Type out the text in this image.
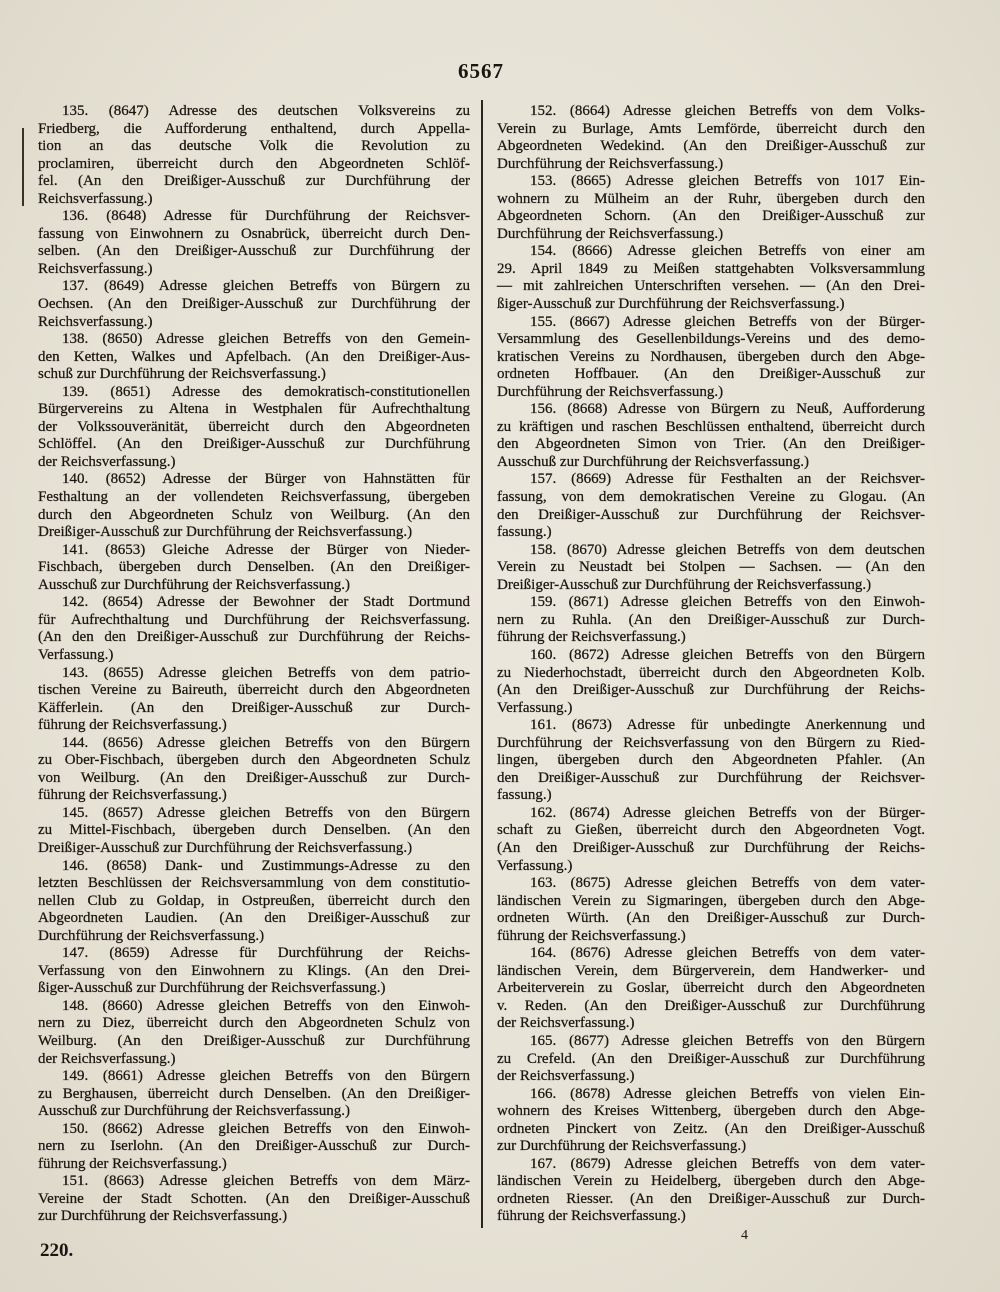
6567
135. (8647) Adresse des deutschen Volksvereins zu
Friedberg, die Aufforderung enthaltend, durch Appella-
tion an das deutsche Volk die Revolution zu
proclamiren, überreicht durch den Abgeordneten Schlöf-
fel. (An den Dreißiger-Ausschuß zur Durchführung der
Reichsverfassung.)
136. (8648) Adresse für Durchführung der Reichsver-
fassung von Einwohnern zu Osnabrück, überreicht durch Den-
selben. (An den Dreißiger-Ausschuß zur Durchführung der
Reichsverfassung.)
137. (8649) Adresse gleichen Betreffs von Bürgern zu
Oechsen. (An den Dreißiger-Ausschuß zur Durchführung der
Reichsverfassung.)
138. (8650) Adresse gleichen Betreffs von den Gemein-
den Ketten, Walkes und Apfelbach. (An den Dreißiger-Aus-
schuß zur Durchführung der Reichsverfassung.)
139. (8651) Adresse des demokratisch-constitutionellen
Bürgervereins zu Altena in Westphalen für Aufrechthaltung
der Volkssouveränität, überreicht durch den Abgeordneten
Schlöffel. (An den Dreißiger-Ausschuß zur Durchführung
der Reichsverfassung.)
140. (8652) Adresse der Bürger von Hahnstätten für
Festhaltung an der vollendeten Reichsverfassung, übergeben
durch den Abgeordneten Schulz von Weilburg. (An den
Dreißiger-Ausschuß zur Durchführung der Reichsverfassung.)
141. (8653) Gleiche Adresse der Bürger von Nieder-
Fischbach, übergeben durch Denselben. (An den Dreißiger-
Ausschuß zur Durchführung der Reichsverfassung.)
142. (8654) Adresse der Bewohner der Stadt Dortmund
für Aufrechthaltung und Durchführung der Reichsverfassung.
(An den den Dreißiger-Ausschuß zur Durchführung der Reichs-
Verfassung.)
143. (8655) Adresse gleichen Betreffs von dem patrio-
tischen Vereine zu Baireuth, überreicht durch den Abgeordneten
Käfferlein. (An den Dreißiger-Ausschuß zur Durch-
führung der Reichsverfassung.)
144. (8656) Adresse gleichen Betreffs von den Bürgern
zu Ober-Fischbach, übergeben durch den Abgeordneten Schulz
von Weilburg. (An den Dreißiger-Ausschuß zur Durch-
führung der Reichsverfassung.)
145. (8657) Adresse gleichen Betreffs von den Bürgern
zu Mittel-Fischbach, übergeben durch Denselben. (An den
Dreißiger-Ausschuß zur Durchführung der Reichsverfassung.)
146. (8658) Dank- und Zustimmungs-Adresse zu den
letzten Beschlüssen der Reichsversammlung von dem constitutio-
nellen Club zu Goldap, in Ostpreußen, überreicht durch den
Abgeordneten Laudien. (An den Dreißiger-Ausschuß zur
Durchführung der Reichsverfassung.)
147. (8659) Adresse für Durchführung der Reichs-
Verfassung von den Einwohnern zu Klings. (An den Drei-
ßiger-Ausschuß zur Durchführung der Reichsverfassung.)
148. (8660) Adresse gleichen Betreffs von den Einwoh-
nern zu Diez, überreicht durch den Abgeordneten Schulz von
Weilburg. (An den Dreißiger-Ausschuß zur Durchführung
der Reichsverfassung.)
149. (8661) Adresse gleichen Betreffs von den Bürgern
zu Berghausen, überreicht durch Denselben. (An den Dreißiger-
Ausschuß zur Durchführung der Reichsverfassung.)
150. (8662) Adresse gleichen Betreffs von den Einwoh-
nern zu Iserlohn. (An den Dreißiger-Ausschuß zur Durch-
führung der Reichsverfassung.)
151. (8663) Adresse gleichen Betreffs von dem März-
Vereine der Stadt Schotten. (An den Dreißiger-Ausschuß
zur Durchführung der Reichsverfassung.)
152. (8664) Adresse gleichen Betreffs von dem Volks-
Verein zu Burlage, Amts Lemförde, überreicht durch den
Abgeordneten Wedekind. (An den Dreißiger-Ausschuß zur
Durchführung der Reichsverfassung.)
153. (8665) Adresse gleichen Betreffs von 1017 Ein-
wohnern zu Mülheim an der Ruhr, übergeben durch den
Abgeordneten Schorn. (An den Dreißiger-Ausschuß zur
Durchführung der Reichsverfassung.)
154. (8666) Adresse gleichen Betreffs von einer am
29. April 1849 zu Meißen stattgehabten Volksversammlung
— mit zahlreichen Unterschriften versehen. — (An den Drei-
ßiger-Ausschuß zur Durchführung der Reichsverfassung.)
155. (8667) Adresse gleichen Betreffs von der Bürger-
Versammlung des Gesellenbildungs-Vereins und des demo-
kratischen Vereins zu Nordhausen, übergeben durch den Abge-
ordneten Hoffbauer. (An den Dreißiger-Ausschuß zur
Durchführung der Reichsverfassung.)
156. (8668) Adresse von Bürgern zu Neuß, Aufforderung
zu kräftigen und raschen Beschlüssen enthaltend, überreicht durch
den Abgeordneten Simon von Trier. (An den Dreißiger-
Ausschuß zur Durchführung der Reichsverfassung.)
157. (8669) Adresse für Festhalten an der Reichsver-
fassung, von dem demokratischen Vereine zu Glogau. (An
den Dreißiger-Ausschuß zur Durchführung der Reichsver-
fassung.)
158. (8670) Adresse gleichen Betreffs von dem deutschen
Verein zu Neustadt bei Stolpen — Sachsen. — (An den
Dreißiger-Ausschuß zur Durchführung der Reichsverfassung.)
159. (8671) Adresse gleichen Betreffs von den Einwoh-
nern zu Ruhla. (An den Dreißiger-Ausschuß zur Durch-
führung der Reichsverfassung.)
160. (8672) Adresse gleichen Betreffs von den Bürgern
zu Niederhochstadt, überreicht durch den Abgeordneten Kolb.
(An den Dreißiger-Ausschuß zur Durchführung der Reichs-
Verfassung.)
161. (8673) Adresse für unbedingte Anerkennung und
Durchführung der Reichsverfassung von den Bürgern zu Ried-
lingen, übergeben durch den Abgeordneten Pfahler. (An
den Dreißiger-Ausschuß zur Durchführung der Reichsver-
fassung.)
162. (8674) Adresse gleichen Betreffs von der Bürger-
schaft zu Gießen, überreicht durch den Abgeordneten Vogt.
(An den Dreißiger-Ausschuß zur Durchführung der Reichs-
Verfassung.)
163. (8675) Adresse gleichen Betreffs von dem vater-
ländischen Verein zu Sigmaringen, übergeben durch den Abge-
ordneten Würth. (An den Dreißiger-Ausschuß zur Durch-
führung der Reichsverfassung.)
164. (8676) Adresse gleichen Betreffs von dem vater-
ländischen Verein, dem Bürgerverein, dem Handwerker- und
Arbeiterverein zu Goslar, überreicht durch den Abgeordneten
v. Reden. (An den Dreißiger-Ausschuß zur Durchführung
der Reichsverfassung.)
165. (8677) Adresse gleichen Betreffs von den Bürgern
zu Crefeld. (An den Dreißiger-Ausschuß zur Durchführung
der Reichsverfassung.)
166. (8678) Adresse gleichen Betreffs von vielen Ein-
wohnern des Kreises Wittenberg, übergeben durch den Abge-
ordneten Pinckert von Zeitz. (An den Dreißiger-Ausschuß
zur Durchführung der Reichsverfassung.)
167. (8679) Adresse gleichen Betreffs von dem vater-
ländischen Verein zu Heidelberg, übergeben durch den Abge-
ordneten Riesser. (An den Dreißiger-Ausschuß zur Durch-
führung der Reichsverfassung.)
220.
4
